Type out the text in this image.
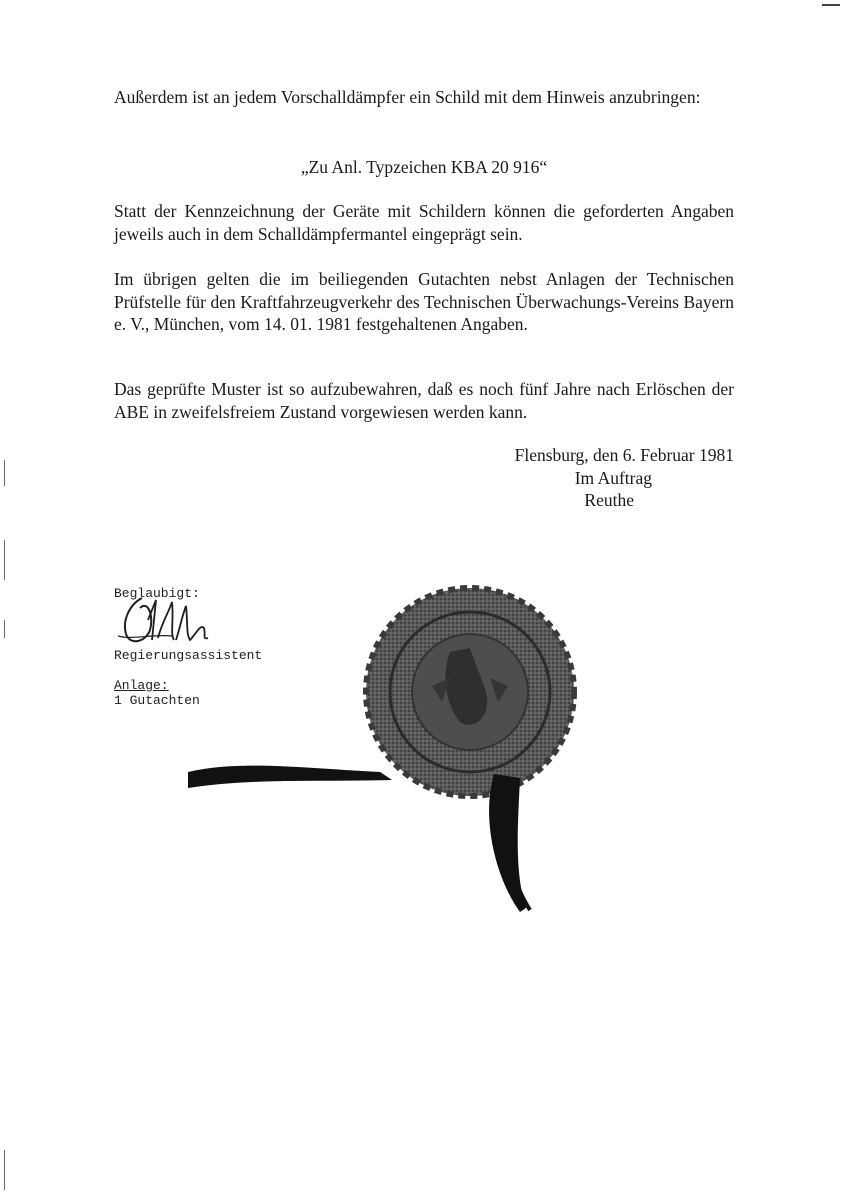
Außerdem ist an jedem Vorschalldämpfer ein Schild mit dem Hinweis anzubringen:
„Zu Anl. Typzeichen KBA 20 916“
Statt der Kennzeichnung der Geräte mit Schildern können die geforderten Angaben jeweils auch in dem Schalldämpfermantel eingeprägt sein.
Im übrigen gelten die im beiliegenden Gutachten nebst Anlagen der Technischen Prüfstelle für den Kraftfahrzeugverkehr des Technischen Überwachungs-Vereins Bayern e. V., München, vom 14. 01. 1981 festgehaltenen Angaben.
Das geprüfte Muster ist so aufzubewahren, daß es noch fünf Jahre nach Erlöschen der ABE in zweifelsfreiem Zustand vorgewiesen werden kann.
Flensburg, den 6. Februar 1981
Im Auftrag
Reuthe
Beglaubigt:
Regierungsassistent
Anlage:
1 Gutachten
